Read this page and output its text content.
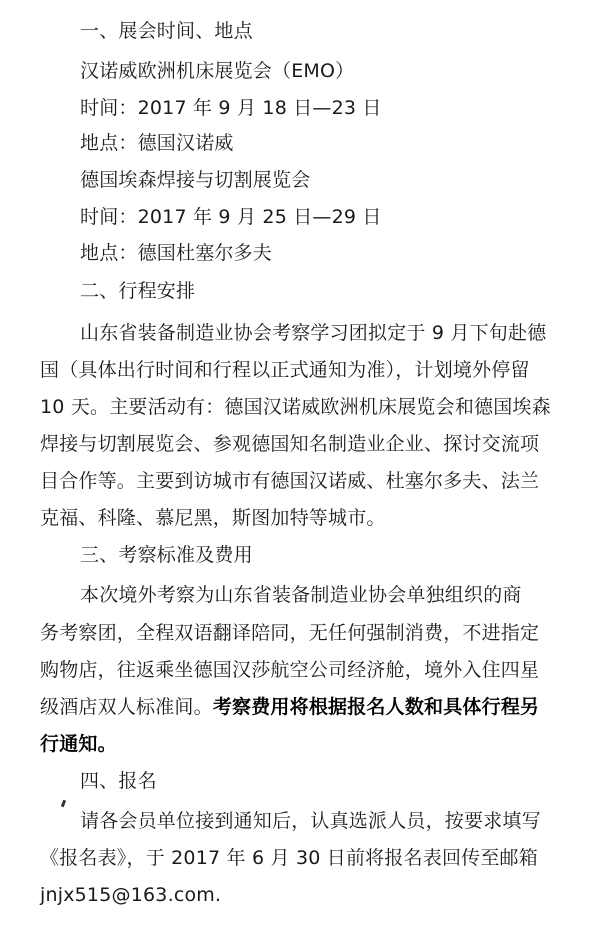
一、展会时间、地点
汉诺威欧洲机床展览会（EMO）
时间：2017 年 9 月 18 日—23 日
地点：德国汉诺威
德国埃森焊接与切割展览会
时间：2017 年 9 月 25 日—29 日
地点：德国杜塞尔多夫
二、行程安排
山东省装备制造业协会考察学习团拟定于 9 月下旬赴德
国（具体出行时间和行程以正式通知为准），计划境外停留
10 天。主要活动有：德国汉诺威欧洲机床展览会和德国埃森
焊接与切割展览会、参观德国知名制造业企业、探讨交流项
目合作等。主要到访城市有德国汉诺威、杜塞尔多夫、法兰
克福、科隆、慕尼黑，斯图加特等城市。
三、考察标准及费用
本次境外考察为山东省装备制造业协会单独组织的商
务考察团，全程双语翻译陪同，无任何强制消费，不进指定
购物店，往返乘坐德国汉莎航空公司经济舱，境外入住四星
级酒店双人标准间。考察费用将根据报名人数和具体行程另
行通知。
四、报名
请各会员单位接到通知后，认真选派人员，按要求填写
《报名表》，于 2017 年 6 月 30 日前将报名表回传至邮箱
jnjx515@163.com.
